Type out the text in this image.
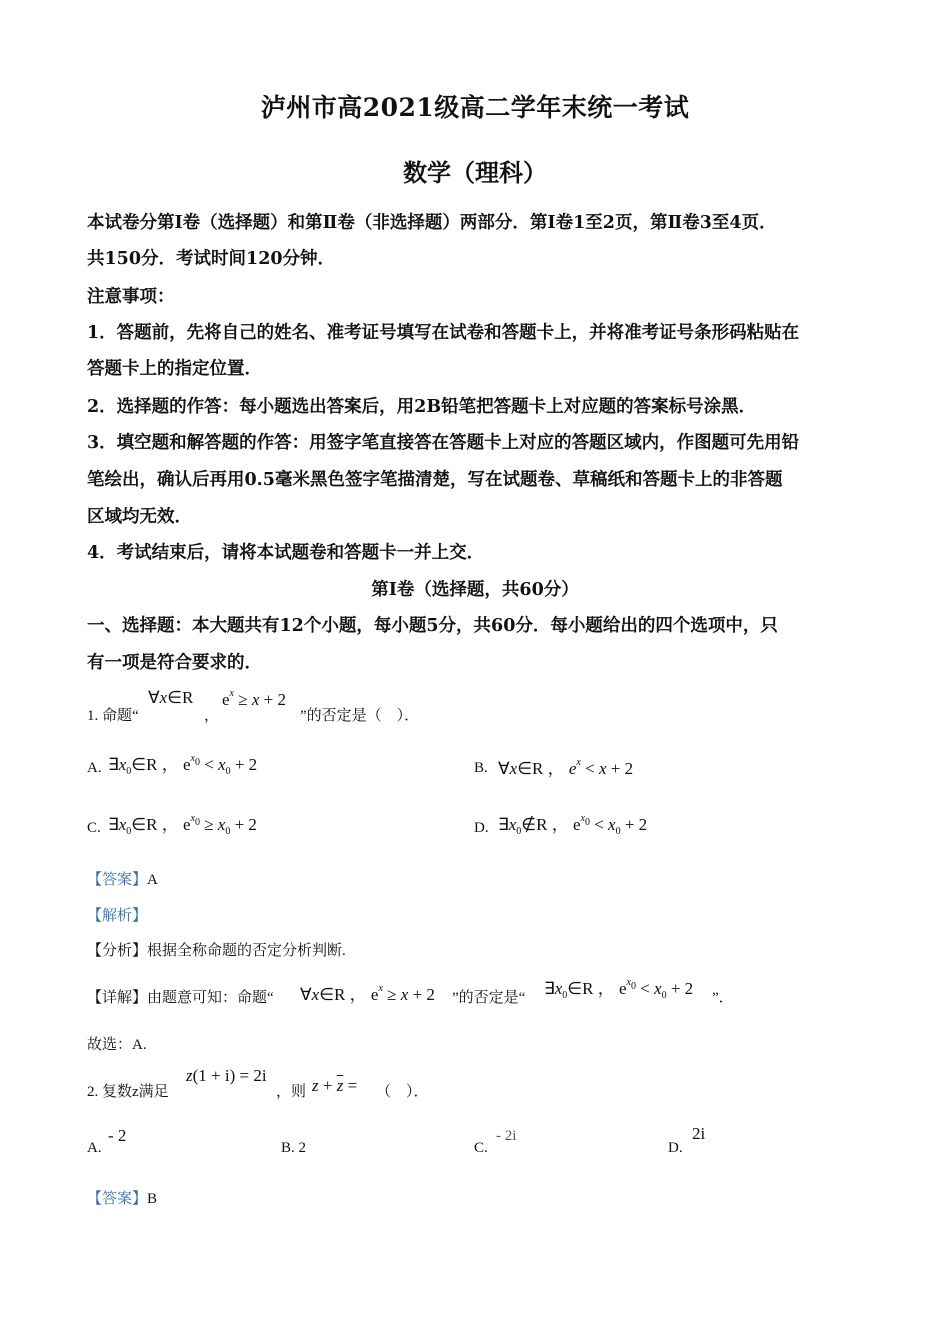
泸州市高2021级高二学年末统一考试
数学（理科）
本试卷分第Ⅰ卷（选择题）和第Ⅱ卷（非选择题）两部分．第Ⅰ卷1至2页，第Ⅱ卷3至4页．
共150分．考试时间120分钟．
注意事项：
1．答题前，先将自己的姓名、准考证号填写在试卷和答题卡上，并将准考证号条形码粘贴在
答题卡上的指定位置．
2．选择题的作答：每小题选出答案后，用2B铅笔把答题卡上对应题的答案标号涂黑．
3．填空题和解答题的作答：用签字笔直接答在答题卡上对应的答题区域内，作图题可先用铅
笔绘出，确认后再用0.5毫米黑色签字笔描清楚，写在试题卷、草稿纸和答题卡上的非答题
区域均无效．
4．考试结束后，请将本试题卷和答题卡一并上交．
第Ⅰ卷（选择题，共60分）
一、选择题：本大题共有12个小题，每小题5分，共60分．每小题给出的四个选项中，只
有一项是符合要求的．
1. 命题“
∀x∈R
，
$e^x \ge x + 2$
”的否定是（　）．
A. $\exists x_0\in R$ ， $e^{x_0} < x_0 + 2$	B. ∀x∈R ， $e^x < x + 2$
C. $\exists x_0\in R$ ， $e^{x_0} \ge x_0 + 2$	D. $\exists x_0\notin R$ ， $e^{x_0} < x_0 + 2$
【答案】A
【解析】
【分析】根据全称命题的否定分析判断.
【详解】由题意可知：命题“ ∀x∈R ， $e^x \ge x + 2$ ”的否定是“ $\exists x_0\in R$ ， $e^{x_0} < x_0 + 2$ ”．
故选：A.
2. 复数z满足
z(1 + i) = 2i
，则 $z + \overline{z}$ = （　）．
A.
- 2
B. 2	C.
- 2i
D.
2i
【答案】B
